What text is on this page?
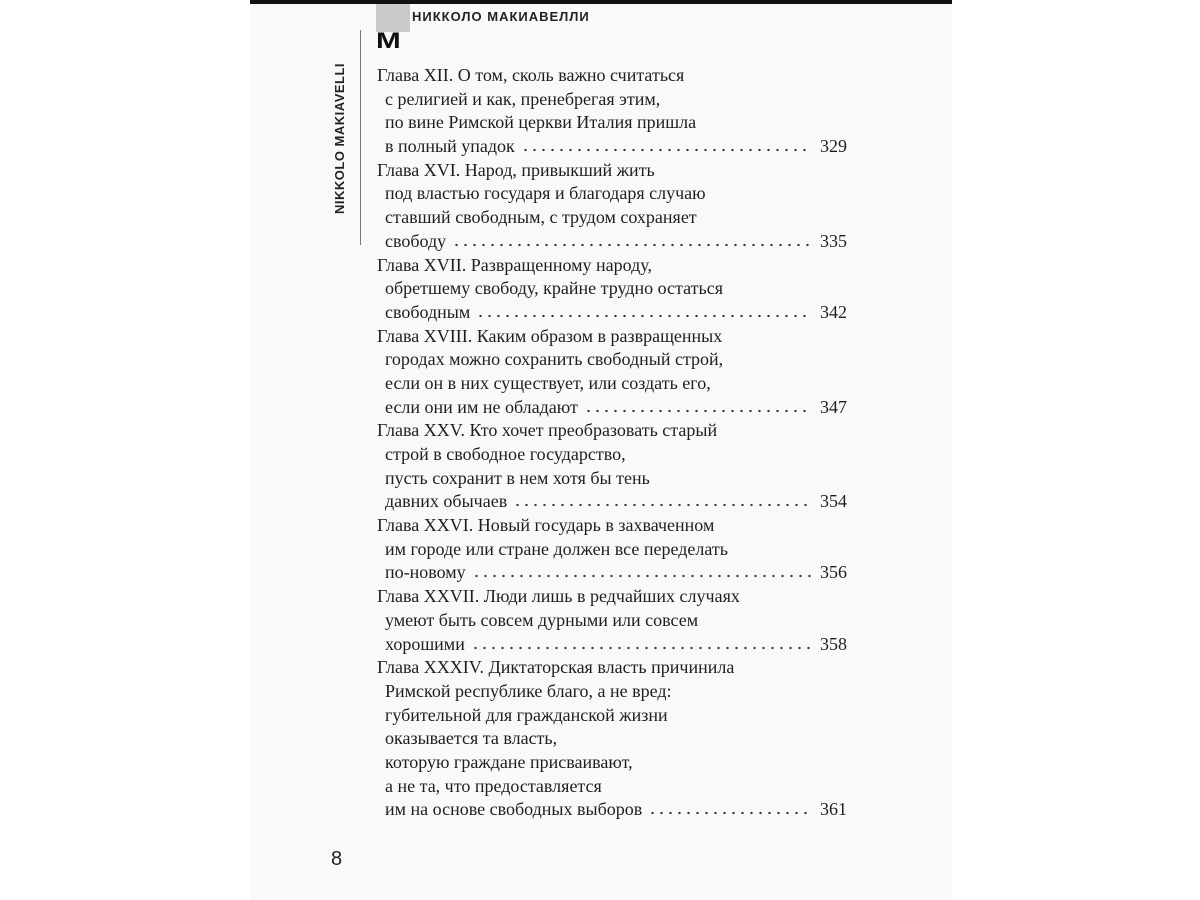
НИККОЛО МАКИАВЕЛЛИ
M
NIKKOLO MAKIAVELLI Глава XII. О том, сколь важно считаться
с религией и как, пренебрегая этим,
по вине Римской церкви Италия пришла
в полный упадок	329
Глава XVI. Народ, привыкший жить
под властью государя и благодаря случаю
ставший свободным, с трудом сохраняет
свободу	335
Глава XVII. Развращенному народу,
обретшему свободу, крайне трудно остаться
свободным	342
Глава XVIII. Каким образом в развращенных
городах можно сохранить свободный строй,
если он в них существует, или создать его,
если они им не обладают	347
Глава XXV. Кто хочет преобразовать старый
строй в свободное государство,
пусть сохранит в нем хотя бы тень
давних обычаев	354
Глава XXVI. Новый государь в захваченном
им городе или стране должен все переделать
по-новому	356
Глава XXVII. Люди лишь в редчайших случаях
умеют быть совсем дурными или совсем
хорошими	358
Глава XXXIV. Диктаторская власть причинила
Римской республике благо, а не вред:
губительной для гражданской жизни
оказывается та власть,
которую граждане присваивают,
а не та, что предоставляется
им на основе свободных выборов	361
8
